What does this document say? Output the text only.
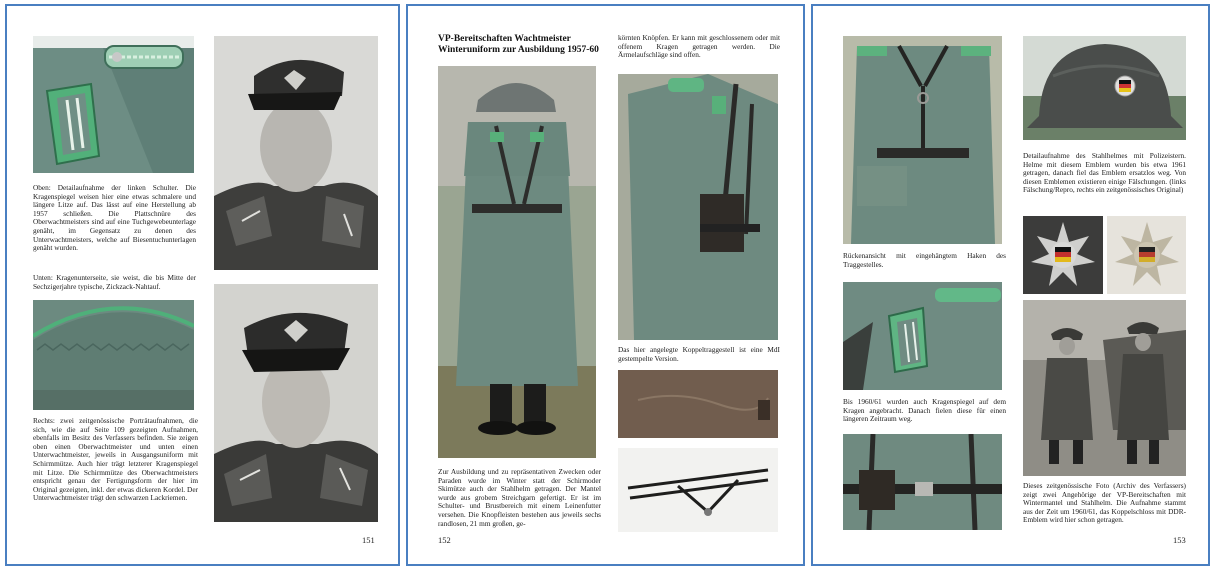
Oben: Detailaufnahme der linken Schulter. Die Kragenspiegel weisen hier eine etwas schmalere und längere Litze auf. Das lässt auf eine Herstellung ab 1957 schließen. Die Plattschnüre des Oberwachtmeisters sind auf eine Tuchgewebeunterlage genäht, im Gegensatz zu denen des Unterwachtmeisters, welche auf Biesentuchunterlagen genäht wurden.
Unten: Kragenunterseite, sie weist, die bis Mitte der Sechzigerjahre typische, Zickzack-Nahtauf.
Rechts: zwei zeitgenössische Porträtaufnahmen, die sich, wie die auf Seite 109 gezeigten Aufnahmen, ebenfalls im Besitz des Verfassers befinden. Sie zeigen oben einen Oberwachtmeister und unten einen Unterwachtmeister, jeweils in Ausgangsuniform mit Schirmmütze. Auch hier trägt letzterer Kragenspiegel mit Litze. Die Schirmmütze des Oberwachtmeisters entspricht genau der Fertigungsform der hier im Original gezeigten, inkl. der etwas dickeren Kordel. Der Unterwachtmeister trägt den schwarzen Lackriemen.
151
VP-Bereitschaften Wachtmeister Winteruniform zur Ausbildung 1957-60
Zur Ausbildung und zu repräsentativen Zwecken oder Paraden wurde im Winter statt der Schirmoder Skimütze auch der Stahlhelm getragen. Der Mantel wurde aus grobem Streichgarn gefertigt. Er ist im Schulter- und Brustbereich mit einem Leinenfutter versehen. Die Knopfleisten bestehen aus jeweils sechs randlosen, 21 mm großen, ge-
körnten Knöpfen. Er kann mit geschlossenem oder mit offenem Kragen getragen werden. Die Ärmelaufschläge sind offen.
Das hier angelegte Koppeltraggestell ist eine MdI gestempelte Version.
152
Detailaufnahme des Stahlhelmes mit Polizeistern. Helme mit diesem Emblem wurden bis etwa 1961 getragen, danach fiel das Emblem ersatzlos weg. Von diesen Emblemen existieren einige Fälschungen. (links Fälschung/Repro, rechts ein zeitgenössisches Original)
Rückenansicht mit eingehängtem Haken des Traggestelles.
Bis 1960/61 wurden auch Kragenspiegel auf dem Kragen angebracht. Danach fielen diese für einen längeren Zeitraum weg.
Dieses zeitgenössische Foto (Archiv des Verfassers) zeigt zwei Angehörige der VP-Bereitschaften mit Wintermantel und Stahlhelm. Die Aufnahme stammt aus der Zeit um 1960/61, das Koppelschloss mit DDR-Emblem wird hier schon getragen.
153
